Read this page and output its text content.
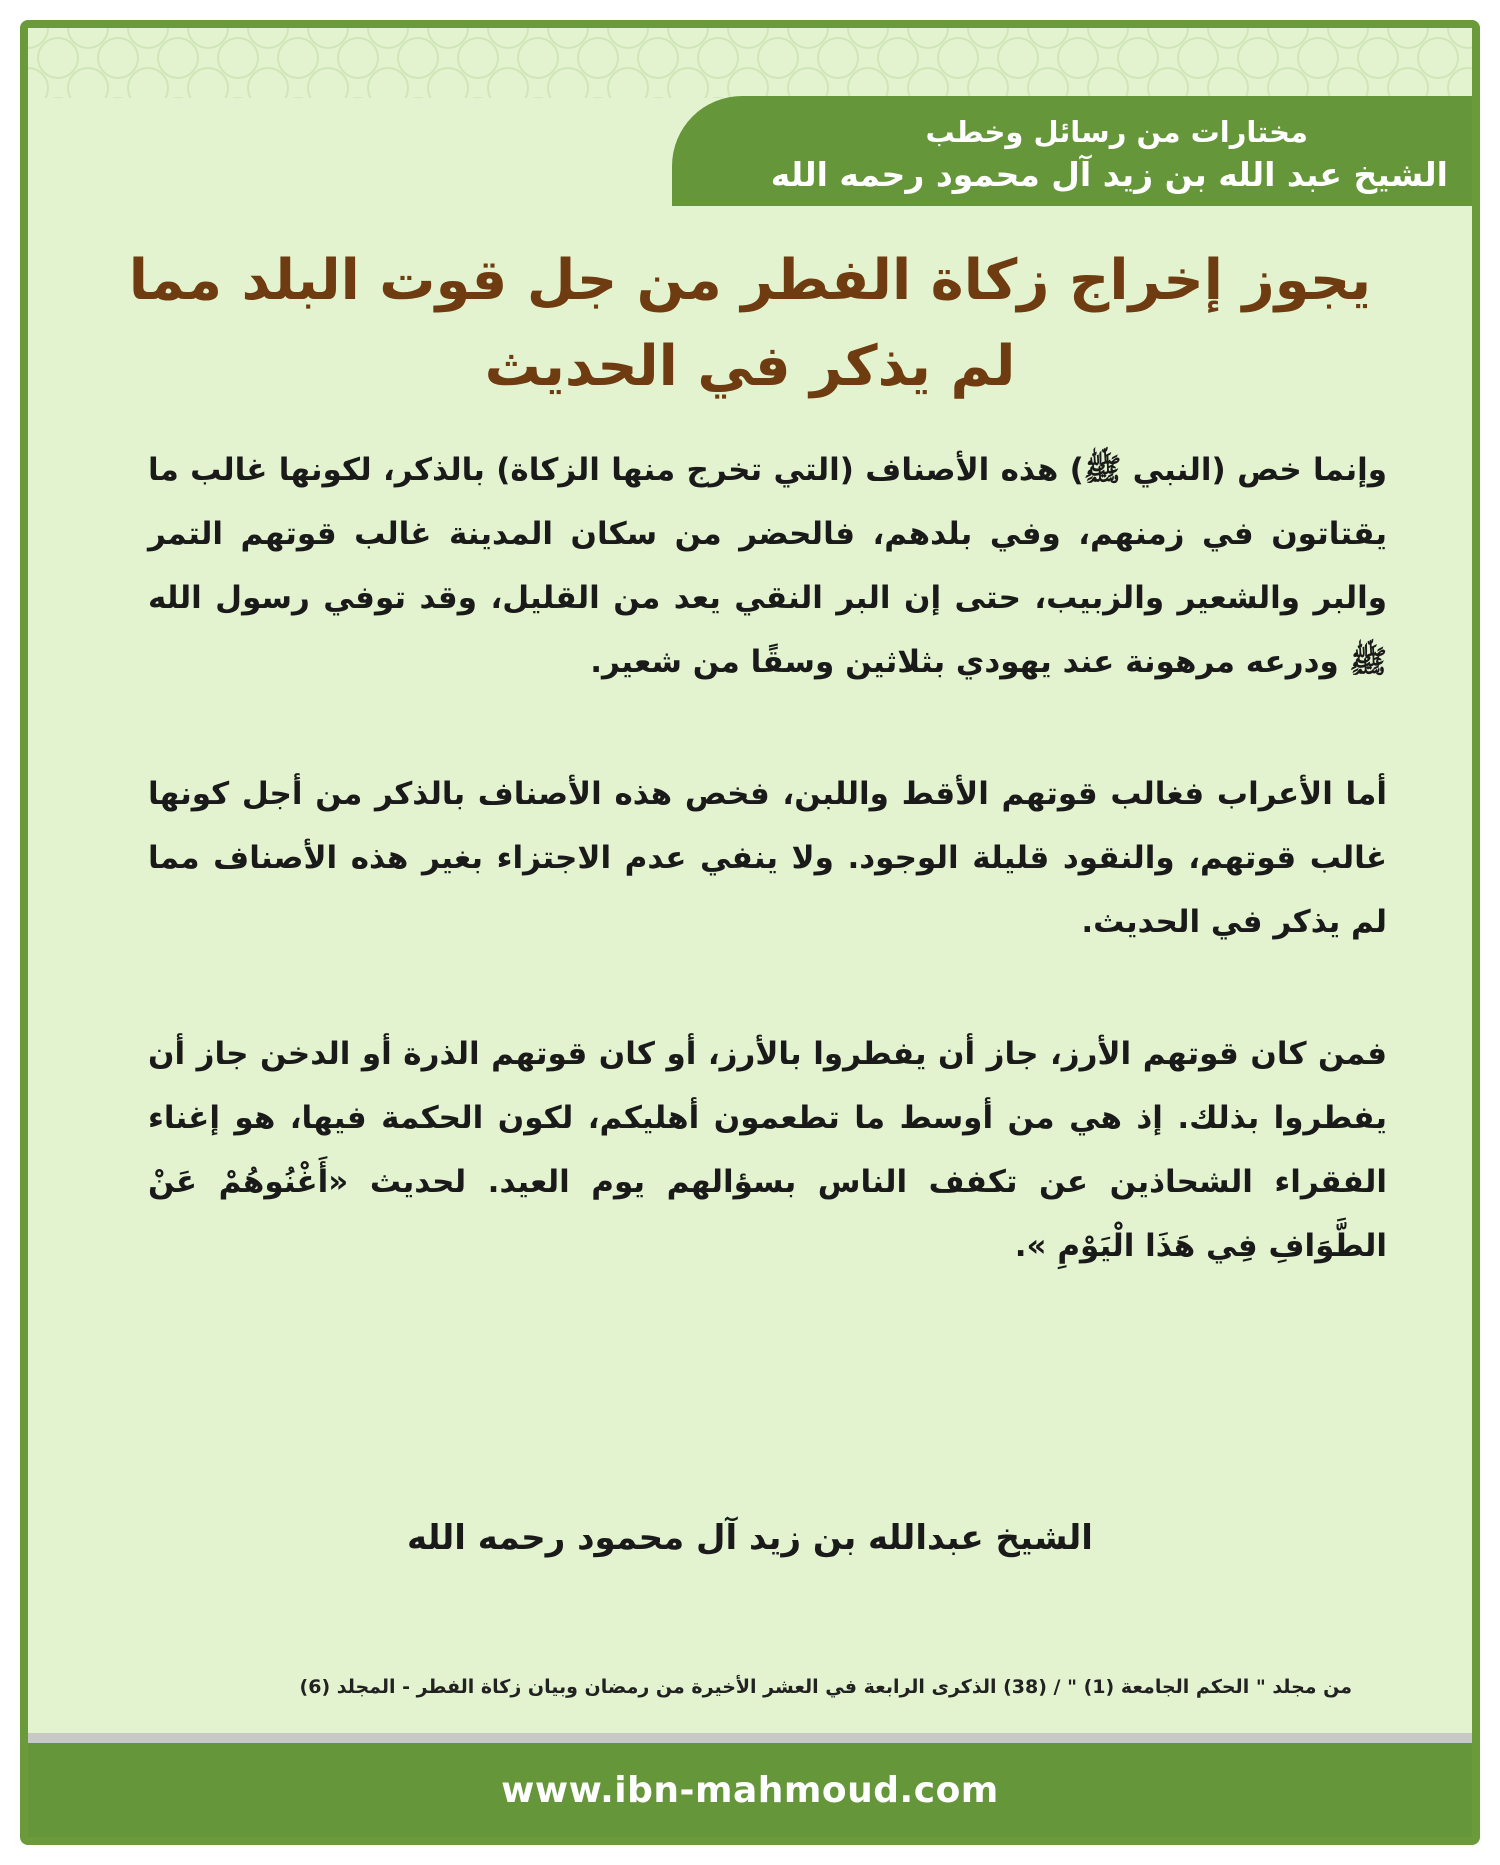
مختارات من رسائل وخطب
الشيخ عبد الله بن زيد آل محمود رحمه الله
يجوز إخراج زكاة الفطر من جل قوت البلد مما
لم يذكر في الحديث

وإنما خص (النبي ﷺ) هذه الأصناف (التي تخرج منها الزكاة) بالذكر، لكونها غالب ما يقتاتون في زمنهم، وفي بلدهم، فالحضر من سكان المدينة غالب قوتهم التمر والبر والشعير والزبيب، حتى إن البر النقي يعد من القليل، وقد توفي رسول الله ﷺ ودرعه مرهونة عند يهودي بثلاثين وسقًا من شعير.

أما الأعراب فغالب قوتهم الأقط واللبن، فخص هذه الأصناف بالذكر من أجل كونها غالب قوتهم، والنقود قليلة الوجود. ولا ينفي عدم الاجتزاء بغير هذه الأصناف مما لم يذكر في الحديث.

فمن كان قوتهم الأرز، جاز أن يفطروا بالأرز، أو كان قوتهم الذرة أو الدخن جاز أن يفطروا بذلك. إذ هي من أوسط ما تطعمون أهليكم، لكون الحكمة فيها، هو إغناء الفقراء الشحاذين عن تكفف الناس بسؤالهم يوم العيد. لحديث «أَغْنُوهُمْ عَنْ الطَّوَافِ فِي هَذَا الْيَوْمِ ».

الشيخ عبدالله بن زيد آل محمود رحمه الله
من مجلد " الحكم الجامعة (1) " / (38) الذكرى الرابعة في العشر الأخيرة من رمضان وبيان زكاة الفطر - المجلد (6)
www.ibn-mahmoud.com
